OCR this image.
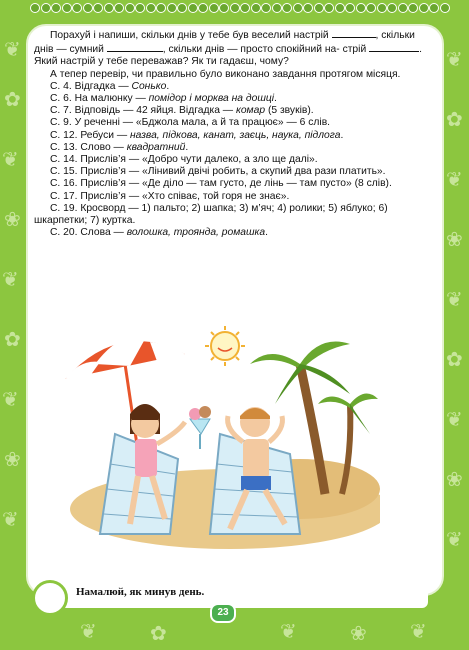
❦
✿
❦
❀
❦
✿
❦
❀
❦
❦
✿
❦
❀
❦
✿
❦
❀
❦
❦	✿	❦	❀ ❦

Порахуй і напиши, скільки днів у тебе був веселий настрій	, скільки днів — сумний	, скільки днів — просто спокійний на- стрій	. Який настрій у тебе переважав? Як ти гадаєш, чому?

А тепер перевір, чи правильно було виконано завдання протягом місяця.

С. 4. Відгадка — Сонько.

С. 6. На малюнку — помідор і морква на дошці.

С. 7. Відповідь — 42 яйця. Відгадка — комар (5 звуків).

С. 9. У реченні — «Бджола мала, а й та працює» — 6 слів.

С. 12. Ребуси — назва, підкова, канат, заєць, наука, підлога.

С. 13. Слово — квадратний.

С. 14. Прислів’я — «Добро чути далеко, а зло ще далі».

С. 15. Прислів’я — «Лінивий двічі робить, а скупий два рази платить».

С. 16. Прислів’я — «Де діло — там густо, де лінь — там пусто» (8 слів).

С. 17. Прислів’я — «Хто співає, той горя не знає».

С. 19. Кросворд — 1) пальто; 2) шапка; 3) м’яч; 4) ролики; 5) яблуко; 6) шкарпетки; 7) куртка.

С. 20. Слова — волошка, троянда, ромашка.

Намалюй, як минув день.
23
